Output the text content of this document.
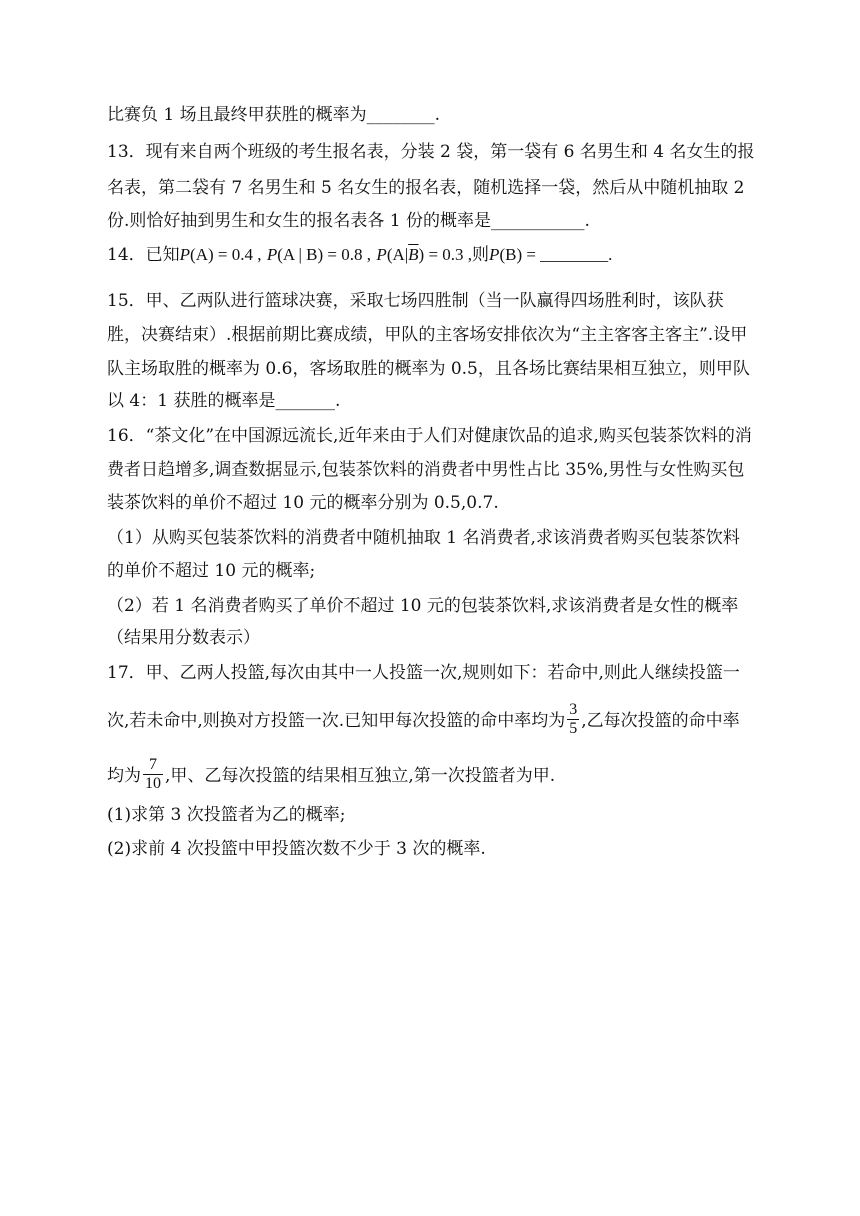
比赛负 1 场且最终甲获胜的概率为________.
13．现有来自两个班级的考生报名表，分装 2 袋，第一袋有 6 名男生和 4 名女生的报
名表，第二袋有 7 名男生和 5 名女生的报名表，随机选择一袋，然后从中随机抽取 2
份.则恰好抽到男生和女生的报名表各 1 份的概率是___________.
14．已知P(A) = 0.4 , P(A | B) = 0.8 , $P(A|\overline{B}) = 0.3$ ,则P(B) = ________.
15．甲、乙两队进行篮球决赛，采取七场四胜制（当一队赢得四场胜利时，该队获
胜，决赛结束）.根据前期比赛成绩，甲队的主客场安排依次为“主主客客主客主”.设甲
队主场取胜的概率为 0.6，客场取胜的概率为 0.5，且各场比赛结果相互独立，则甲队
以 4：1 获胜的概率是_______.
16．“茶文化”在中国源远流长,近年来由于人们对健康饮品的追求,购买包装茶饮料的消
费者日趋增多,调查数据显示,包装茶饮料的消费者中男性占比 35%,男性与女性购买包
装茶饮料的单价不超过 10 元的概率分别为 0.5,0.7.
（1）从购买包装茶饮料的消费者中随机抽取 1 名消费者,求该消费者购买包装茶饮料
的单价不超过 10 元的概率;
（2）若 1 名消费者购买了单价不超过 10 元的包装茶饮料,求该消费者是女性的概率
（结果用分数表示）
17．甲、乙两人投篮,每次由其中一人投篮一次,规则如下：若命中,则此人继续投篮一
次,若未命中,则换对方投篮一次.已知甲每次投篮的命中率均为 $\frac{3}{5}$ ,乙每次投篮的命中率
均为 $\frac{7}{10}$ ,甲、乙每次投篮的结果相互独立,第一次投篮者为甲.
(1)求第 3 次投篮者为乙的概率;
(2)求前 4 次投篮中甲投篮次数不少于 3 次的概率.
